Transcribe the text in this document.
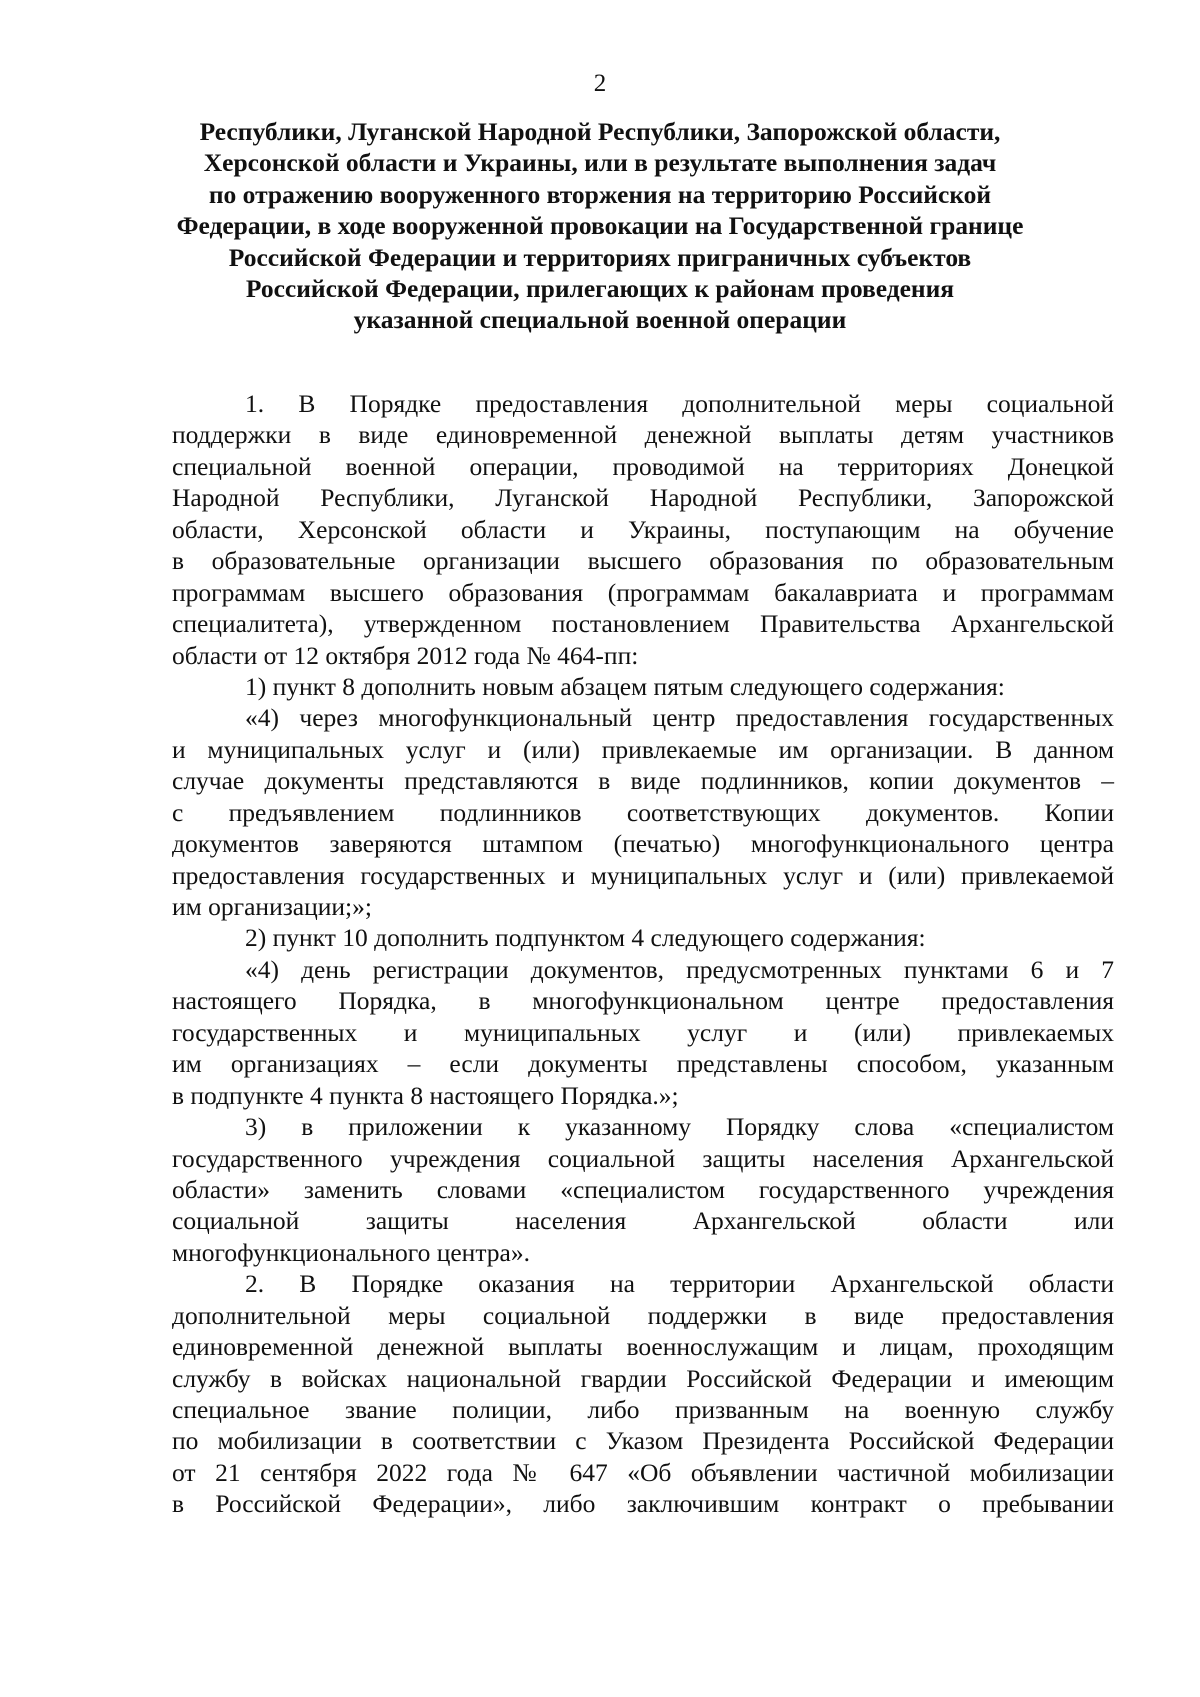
2
Республики, Луганской Народной Республики, Запорожской области,
Херсонской области и Украины, или в результате выполнения задач
по отражению вооруженного вторжения на территорию Российской
Федерации, в ходе вооруженной провокации на Государственной границе
Российской Федерации и территориях приграничных субъектов
Российской Федерации, прилегающих к районам проведения
указанной специальной военной операции
1. В Порядке предоставления дополнительной меры социальной
поддержки в виде единовременной денежной выплаты детям участников
специальной военной операции, проводимой на территориях Донецкой
Народной Республики, Луганской Народной Республики, Запорожской
области, Херсонской области и Украины, поступающим на обучение
в образовательные организации высшего образования по образовательным
программам высшего образования (программам бакалавриата и программам
специалитета), утвержденном постановлением Правительства Архангельской
области от 12 октября 2012 года № 464-пп:
1) пункт 8 дополнить новым абзацем пятым следующего содержания:
«4) через многофункциональный центр предоставления государственных
и муниципальных услуг и (или) привлекаемые им организации. В данном
случае документы представляются в виде подлинников, копии документов –
с предъявлением подлинников соответствующих документов. Копии
документов заверяются штампом (печатью) многофункционального центра
предоставления государственных и муниципальных услуг и (или) привлекаемой
им организации;»;
2) пункт 10 дополнить подпунктом 4 следующего содержания:
«4) день регистрации документов, предусмотренных пунктами 6 и 7
настоящего Порядка, в многофункциональном центре предоставления
государственных и муниципальных услуг и (или) привлекаемых
им организациях – если документы представлены способом, указанным
в подпункте 4 пункта 8 настоящего Порядка.»;
3) в приложении к указанному Порядку слова «специалистом
государственного учреждения социальной защиты населения Архангельской
области» заменить словами «специалистом государственного учреждения
социальной защиты населения Архангельской области или
многофункционального центра».
2. В Порядке оказания на территории Архангельской области
дополнительной меры социальной поддержки в виде предоставления
единовременной денежной выплаты военнослужащим и лицам, проходящим
службу в войсках национальной гвардии Российской Федерации и имеющим
специальное звание полиции, либо призванным на военную службу
по мобилизации в соответствии с Указом Президента Российской Федерации
от 21 сентября 2022 года № 647 «Об объявлении частичной мобилизации
в Российской Федерации», либо заключившим контракт о пребывании
